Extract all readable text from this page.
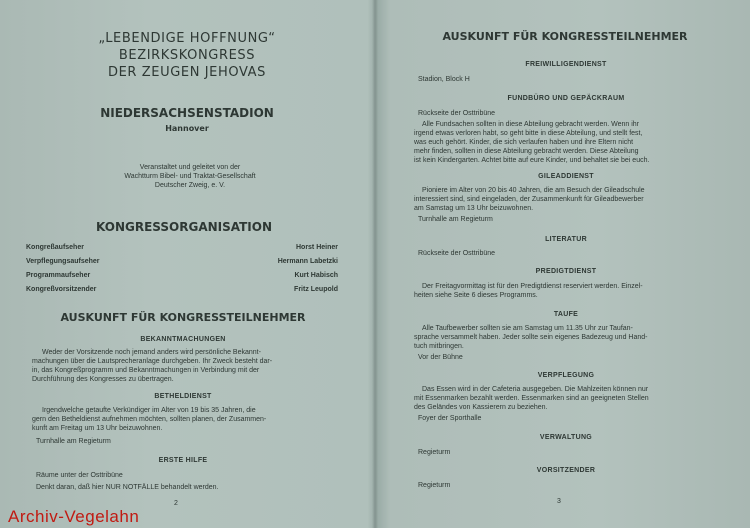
„LEBENDIGE HOFFNUNG“
BEZIRKSKONGRESS
DER ZEUGEN JEHOVAS
NIEDERSACHSENSTADION
Hannover
Veranstaltet und geleitet von der
Wachtturm Bibel- und Traktat-Gesellschaft
Deutscher Zweig, e. V.
KONGRESSORGANISATION
Kongreßaufseher	Horst Heiner
Verpflegungsaufseher	Hermann Labetzki
Programmaufseher	Kurt Habisch
Kongreßvorsitzender	Fritz Leupold
AUSKUNFT FÜR KONGRESSTEILNEHMER
BEKANNTMACHUNGEN
Weder der Vorsitzende noch jemand anders wird persönliche Bekannt-
machungen über die Lautsprecheranlage durchgeben. Ihr Zweck besteht dar-
in, das Kongreßprogramm und Bekanntmachungen in Verbindung mit der
Durchführung des Kongresses zu übertragen.
BETHELDIENST
Irgendwelche getaufte Verkündiger im Alter von 19 bis 35 Jahren, die
gern den Betheldienst aufnehmen möchten, sollten planen, der Zusammen-
kunft am Freitag um 13 Uhr beizuwohnen.
Turnhalle am Regieturm
ERSTE HILFE
Räume unter der Osttribüne
Denkt daran, daß hier NUR NOTFÄLLE behandelt werden.
2
AUSKUNFT FÜR KONGRESSTEILNEHMER
FREIWILLIGENDIENST
Stadion, Block H
FUNDBÜRO UND GEPÄCKRAUM
Rückseite der Osttribüne
Alle Fundsachen sollten in diese Abteilung gebracht werden. Wenn ihr
irgend etwas verloren habt, so geht bitte in diese Abteilung, und stellt fest,
was euch gehört. Kinder, die sich verlaufen haben und ihre Eltern nicht
mehr finden, sollten in diese Abteilung gebracht werden. Diese Abteilung
ist kein Kindergarten. Achtet bitte auf eure Kinder, und behaltet sie bei euch.
GILEADDIENST
Pioniere im Alter von 20 bis 40 Jahren, die am Besuch der Gileadschule
interessiert sind, sind eingeladen, der Zusammenkunft für Gileadbewerber
am Samstag um 13 Uhr beizuwohnen.
Turnhalle am Regieturm
LITERATUR
Rückseite der Osttribüne
PREDIGTDIENST
Der Freitagvormittag ist für den Predigtdienst reserviert werden. Einzel-
heiten siehe Seite 6 dieses Programms.
TAUFE
Alle Taufbewerber sollten sie am Samstag um 11.35 Uhr zur Taufan-
sprache versammelt haben. Jeder sollte sein eigenes Badezeug und Hand-
tuch mitbringen.
Vor der Bühne
VERPFLEGUNG
Das Essen wird in der Cafeteria ausgegeben. Die Mahlzeiten können nur
mit Essenmarken bezahlt werden. Essenmarken sind an geeigneten Stellen
des Geländes von Kassierern zu beziehen.
Foyer der Sporthalle
VERWALTUNG
Regieturm
VORSITZENDER
Regieturm
3
Archiv-Vegelahn
